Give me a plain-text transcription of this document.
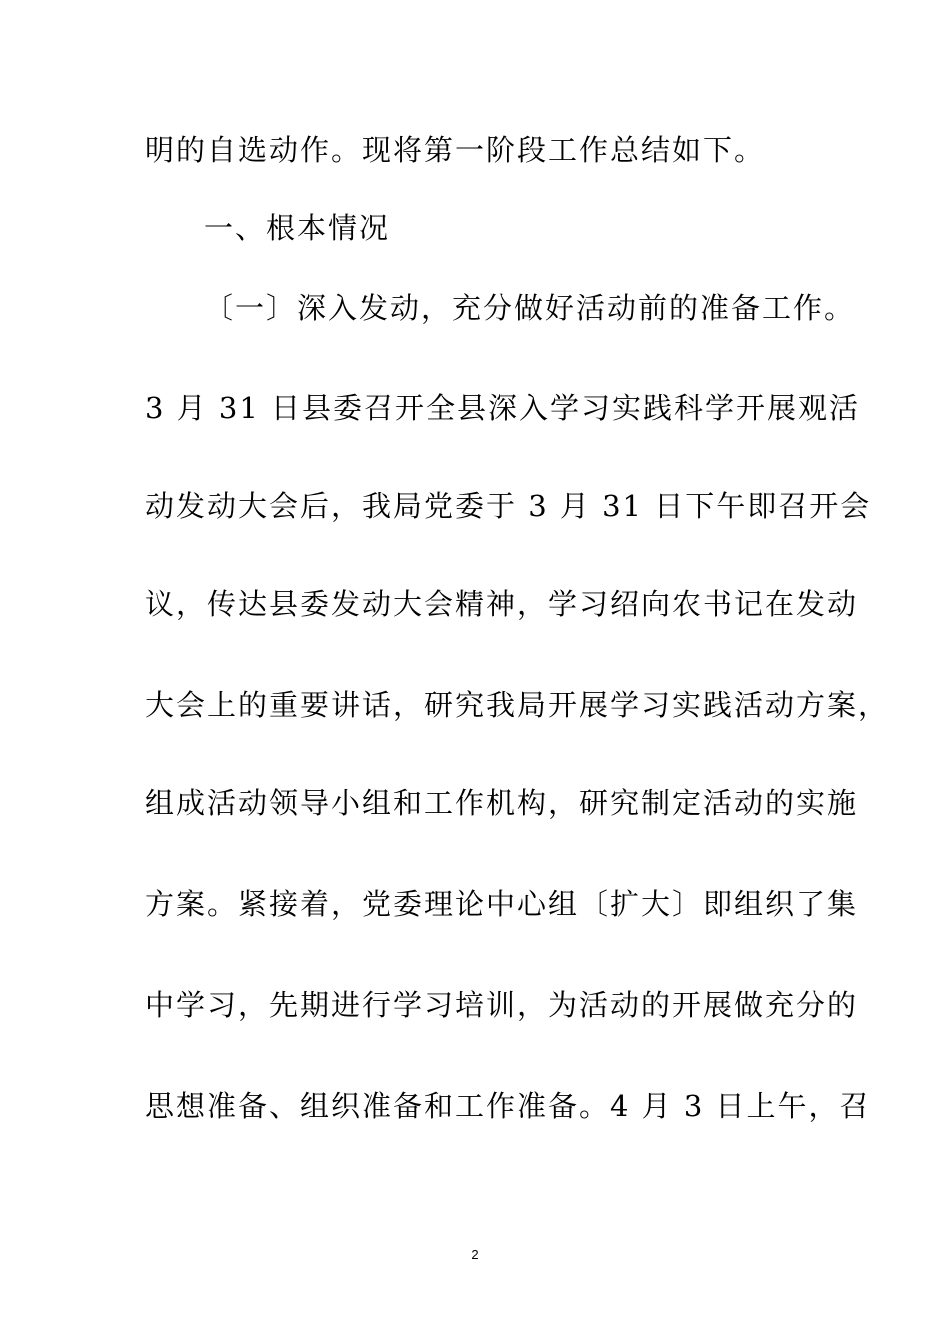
明的自选动作。现将第一阶段工作总结如下。
一、根本情况
〔一〕深入发动，充分做好活动前的准备工作。
3 月 31 日县委召开全县深入学习实践科学开展观活
动发动大会后，我局党委于 3 月 31 日下午即召开会
议，传达县委发动大会精神，学习绍向农书记在发动
大会上的重要讲话，研究我局开展学习实践活动方案，
组成活动领导小组和工作机构，研究制定活动的实施
方案。紧接着，党委理论中心组〔扩大〕即组织了集
中学习，先期进行学习培训，为活动的开展做充分的
思想准备、组织准备和工作准备。4 月 3 日上午，召
2
